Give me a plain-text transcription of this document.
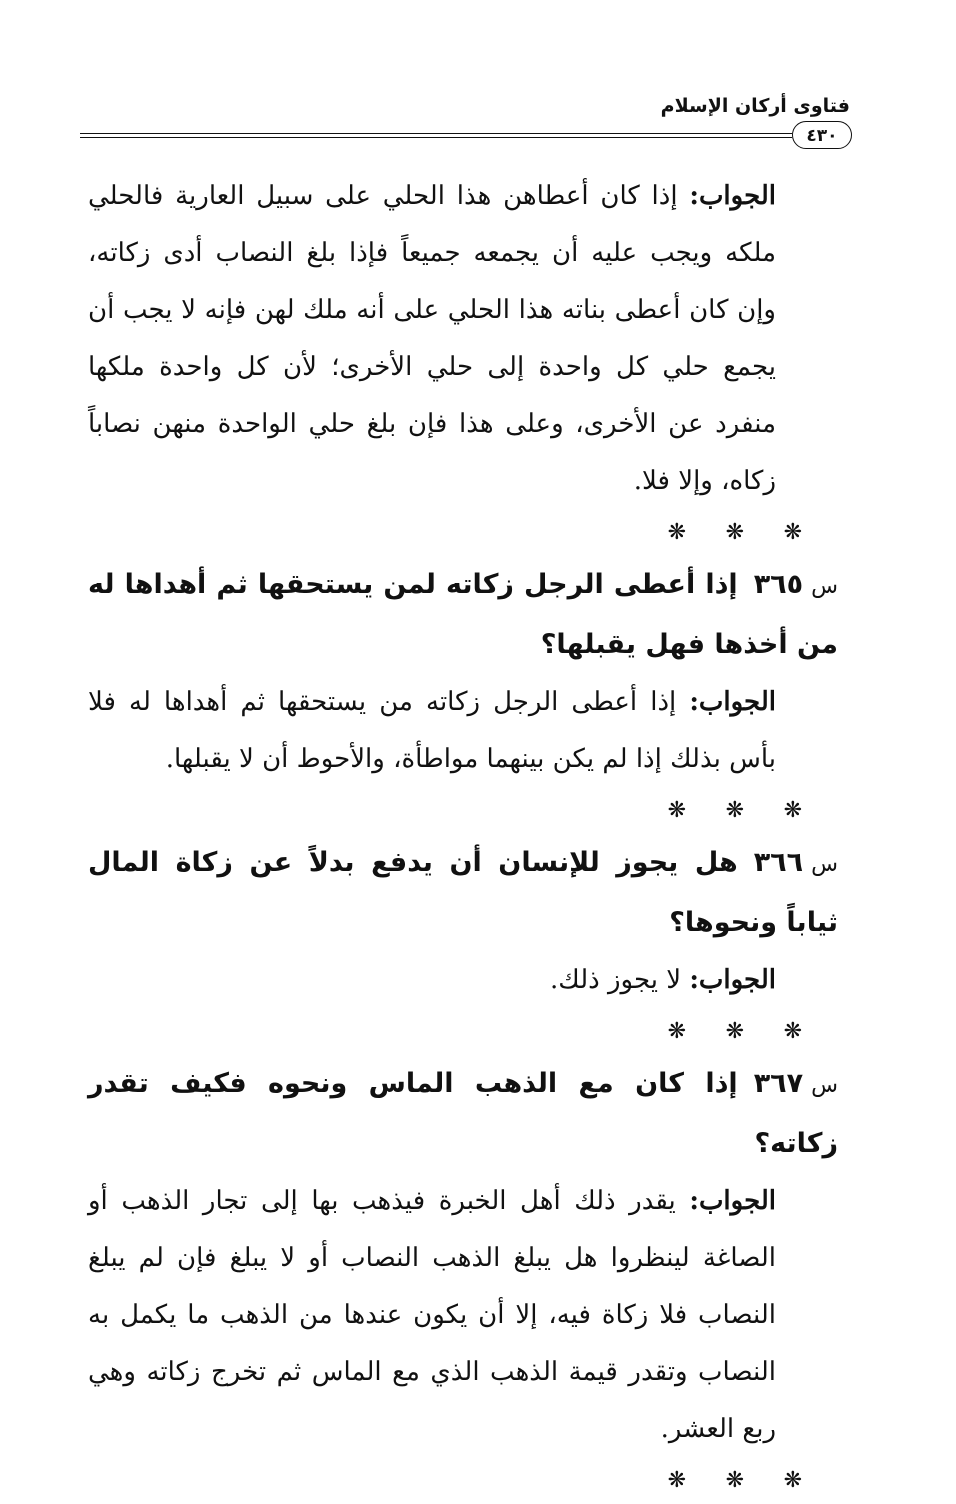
فتاوى أركان الإسلام
٤٣٠

الجواب: إذا كان أعطاهن هذا الحلي على سبيل العارية فالحلي ملكه ويجب عليه أن يجمعه جميعاً فإذا بلغ النصاب أدى زكاته، وإن كان أعطى بناته هذا الحلي على أنه ملك لهن فإنه لا يجب أن يجمع حلي كل واحدة إلى حلي الأخرى؛ لأن كل واحدة ملكها منفرد عن الأخرى، وعلى هذا فإن بلغ حلي الواحدة منهن نصاباً زكاه، وإلا فلا.

❋ ❋ ❋

س٣٦٥إذا أعطى الرجل زكاته لمن يستحقها ثم أهداها له من أخذها فهل يقبلها؟

الجواب: إذا أعطى الرجل زكاته من يستحقها ثم أهداها له فلا بأس بذلك إذا لم يكن بينهما مواطأة، والأحوط أن لا يقبلها.

❋ ❋ ❋

س٣٦٦هل يجوز للإنسان أن يدفع بدلاً عن زكاة المال ثياباً ونحوها؟

الجواب: لا يجوز ذلك.

❋ ❋ ❋

س٣٦٧إذا كان مع الذهب الماس ونحوه فكيف تقدر زكاته؟

الجواب: يقدر ذلك أهل الخبرة فيذهب بها إلى تجار الذهب أو الصاغة لينظروا هل يبلغ الذهب النصاب أو لا يبلغ فإن لم يبلغ النصاب فلا زكاة فيه، إلا أن يكون عندها من الذهب ما يكمل به النصاب وتقدر قيمة الذهب الذي مع الماس ثم تخرج زكاته وهي ربع العشر.

❋ ❋ ❋
